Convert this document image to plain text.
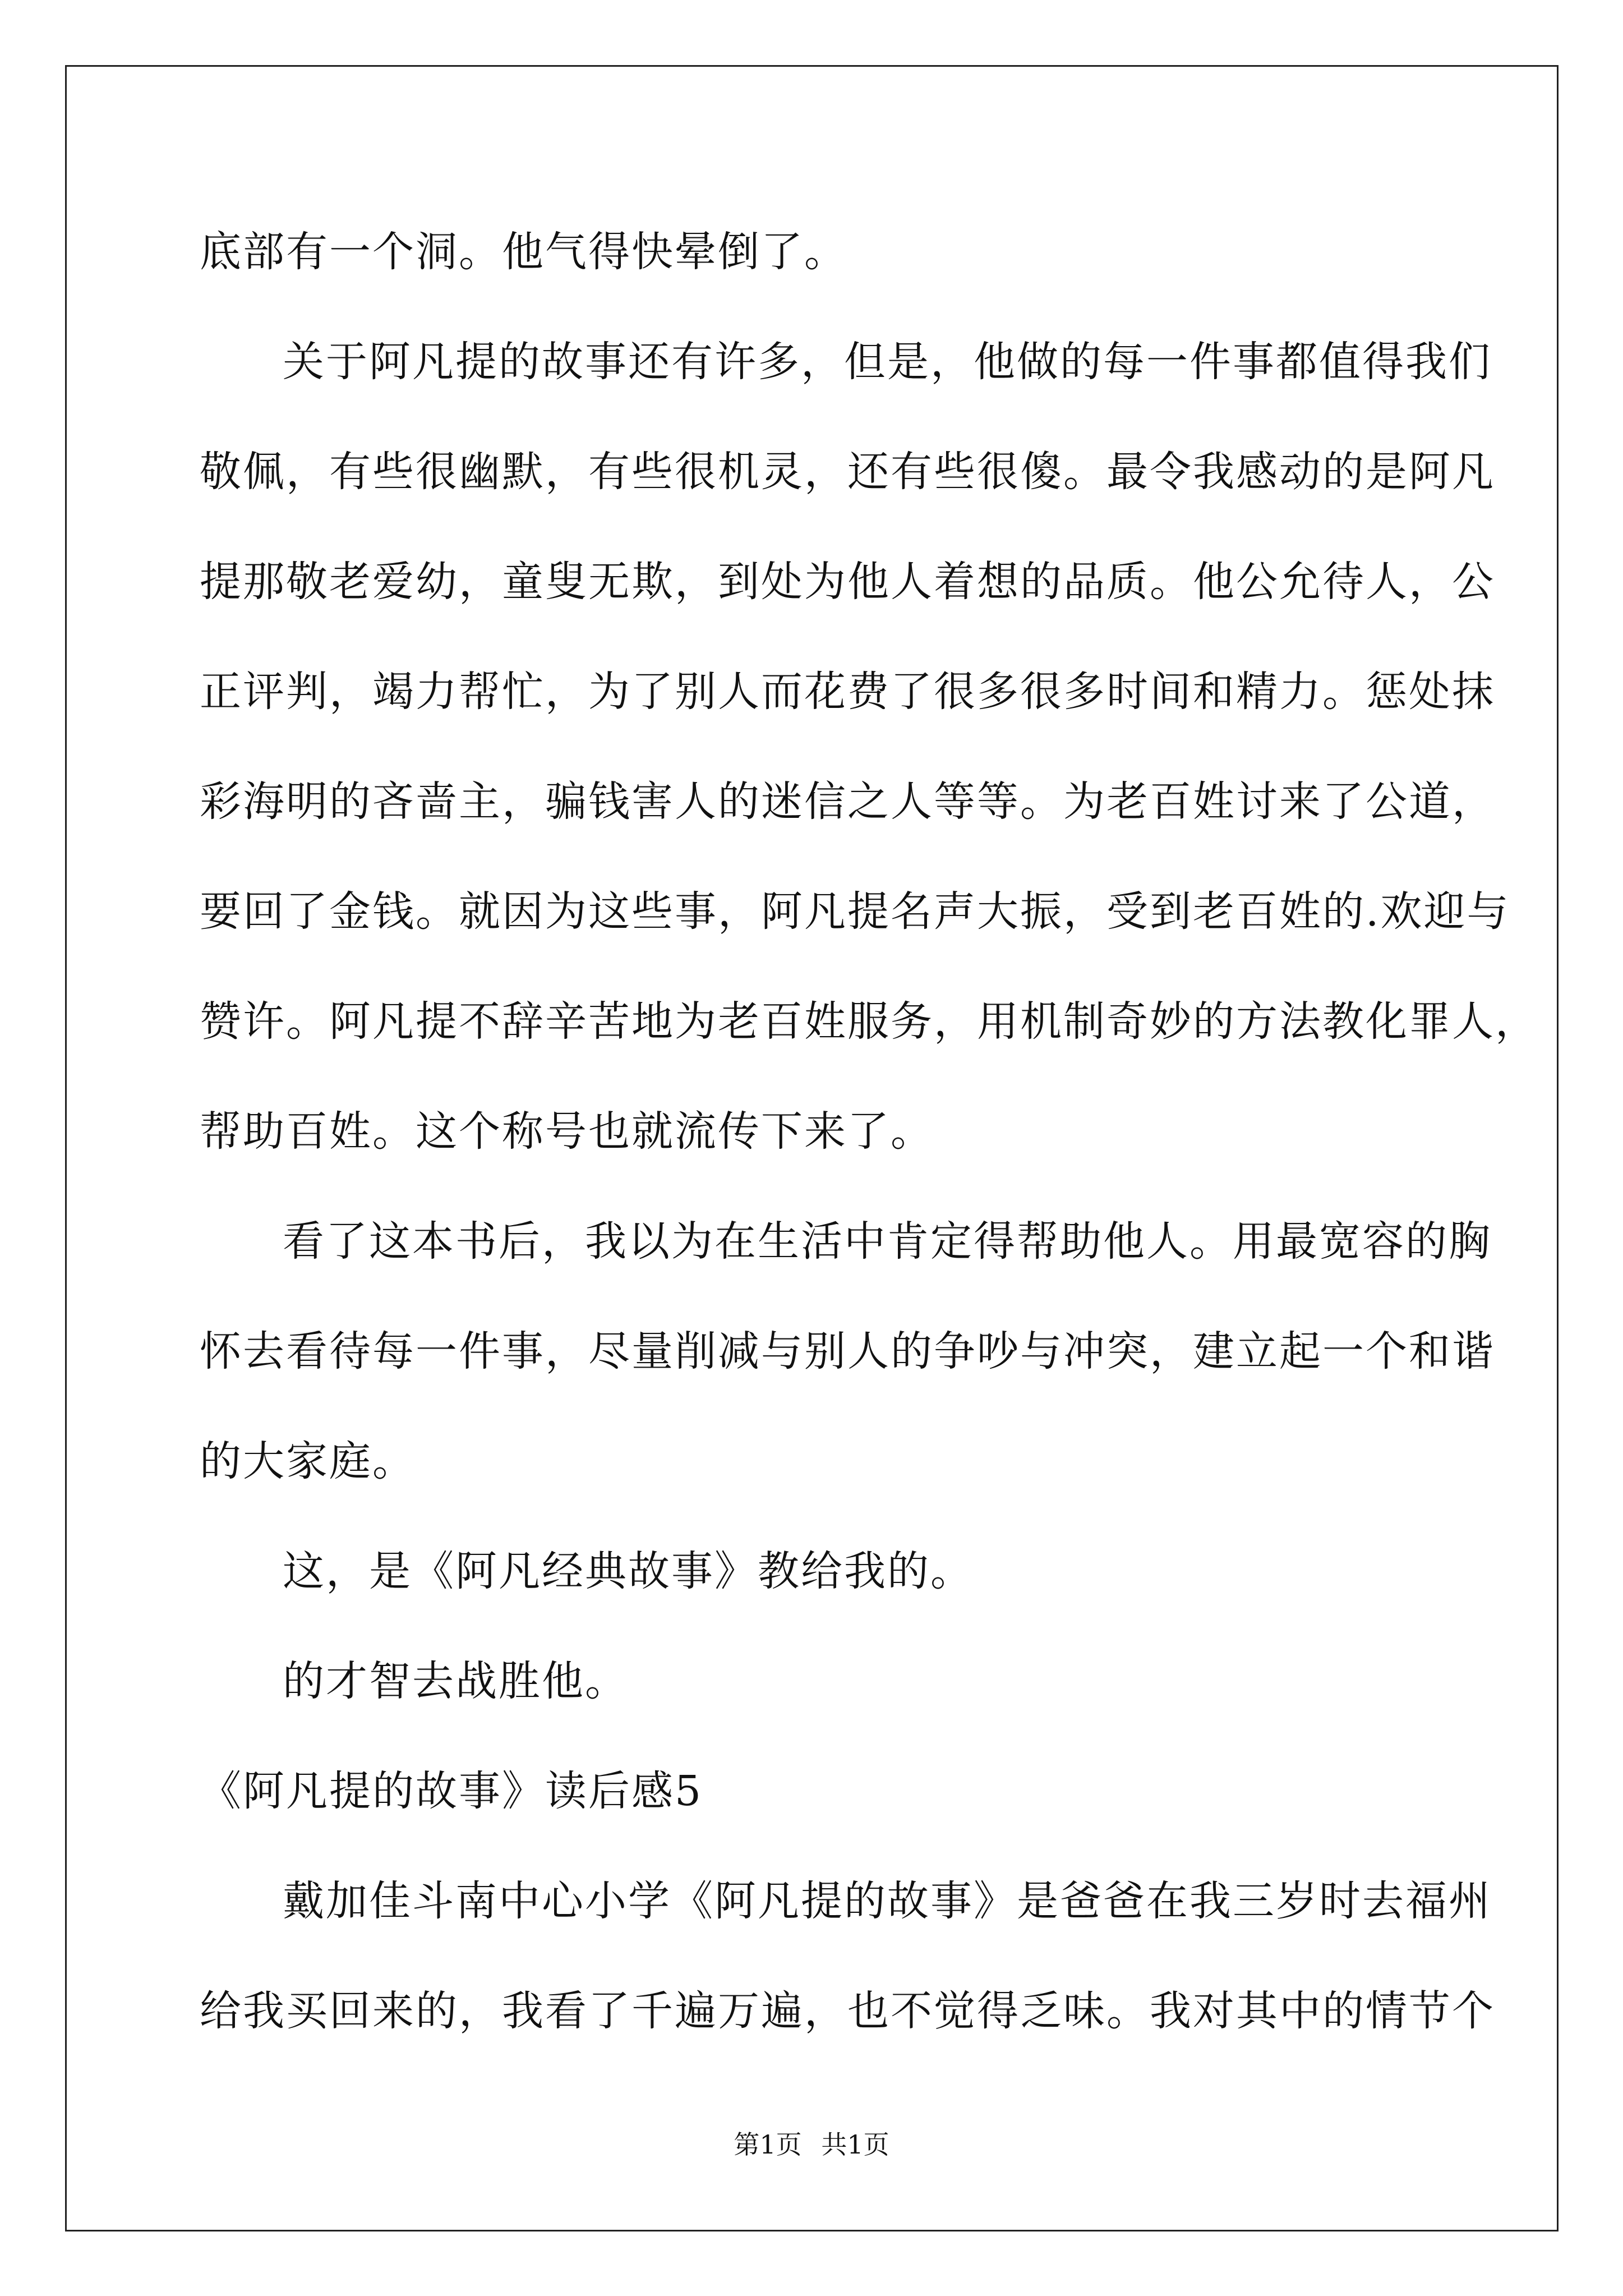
底部有一个洞。他气得快晕倒了。
关于阿凡提的故事还有许多，但是，他做的每一件事都值得我们
敬佩，有些很幽默，有些很机灵，还有些很傻。最令我感动的是阿凡
提那敬老爱幼，童叟无欺，到处为他人着想的品质。他公允待人，公
正评判，竭力帮忙，为了别人而花费了很多很多时间和精力。惩处抹
彩海明的吝啬主，骗钱害人的迷信之人等等。为老百姓讨来了公道，
要回了金钱。就因为这些事，阿凡提名声大振，受到老百姓的.欢迎与
赞许。阿凡提不辞辛苦地为老百姓服务，用机制奇妙的方法教化罪人，
帮助百姓。这个称号也就流传下来了。
看了这本书后，我以为在生活中肯定得帮助他人。用最宽容的胸
怀去看待每一件事，尽量削减与别人的争吵与冲突，建立起一个和谐
的大家庭。
这，是《阿凡经典故事》教给我的。
的才智去战胜他。
《阿凡提的故事》读后感5
戴加佳斗南中心小学《阿凡提的故事》是爸爸在我三岁时去福州
给我买回来的，我看了千遍万遍，也不觉得乏味。我对其中的情节个
第1页 共1页
